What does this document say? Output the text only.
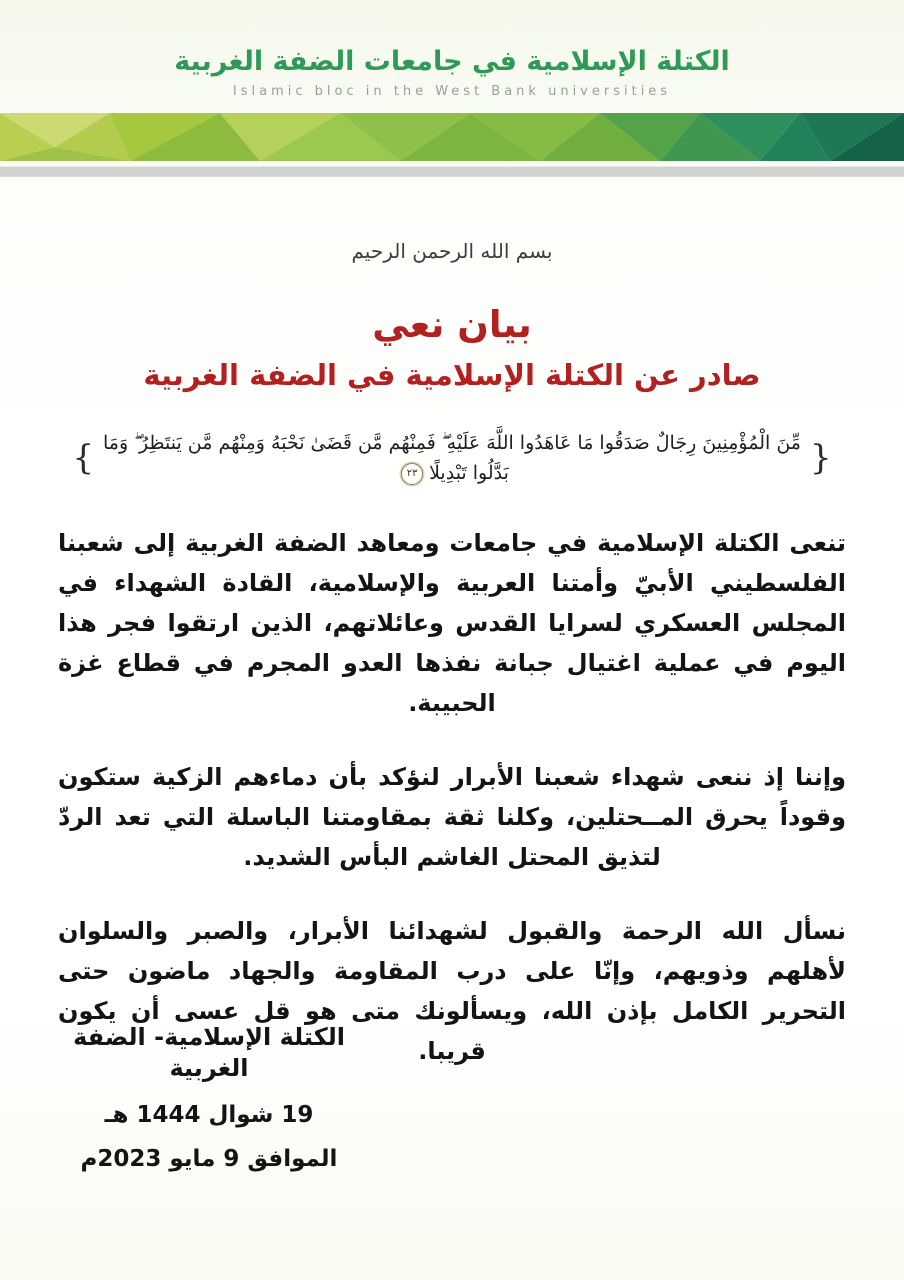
الكتلة الإسلامية في جامعات الضفة الغربية
Islamic bloc in the West Bank universities

بسم الله الرحمن الرحيم

بيان نعي
صادر عن الكتلة الإسلامية في الضفة الغربية
{ مِّنَ الْمُؤْمِنِينَ رِجَالٌ صَدَقُوا مَا عَاهَدُوا اللَّهَ عَلَيْهِ ۖ فَمِنْهُم مَّن قَضَىٰ نَحْبَهُ وَمِنْهُم مَّن يَنتَظِرُ ۖ وَمَا بَدَّلُوا تَبْدِيلًا٢٣	}

تنعى الكتلة الإسلامية في جامعات ومعاهد الضفة الغربية إلى شعبنا الفلسطيني الأبيّ وأمتنا العربية والإسلامية، القادة الشهداء في المجلس العسكري لسرايا القدس وعائلاتهم، الذين ارتقوا فجر هذا اليوم في عملية اغتيال جبانة نفذها العدو المجرم في قطاع غزة الحبيبة.

وإننا إذ ننعى شهداء شعبنا الأبرار لنؤكد بأن دماءهم الزكية ستكون وقوداً يحرق المــحتلين، وكلنا ثقة بمقاومتنا الباسلة التي تعد الردّ لتذيق المحتل الغاشم البأس الشديد.

نسأل الله الرحمة والقبول لشهدائنا الأبرار، والصبر والسلوان لأهلهم وذويهم، وإنّا على درب المقاومة والجهاد ماضون حتى التحرير الكامل بإذن الله، ويسألونك متى هو قل عسى أن يكون قريبا.

الكتلة الإسلامية- الضفة الغربية
19 شوال 1444 هـ
الموافق 9 مايو 2023م
